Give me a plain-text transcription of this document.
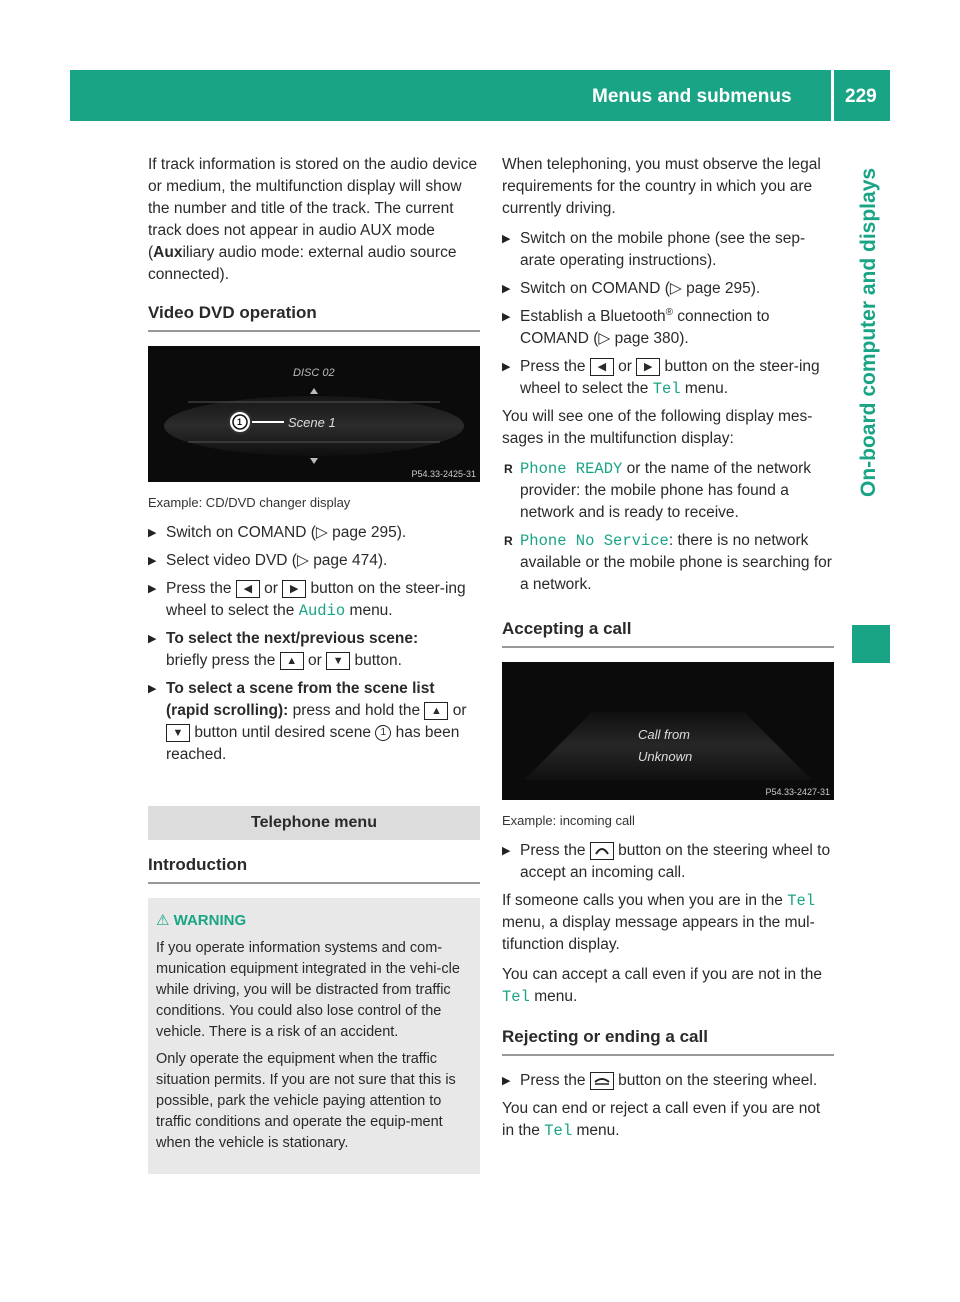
Menus and submenus	229
On-board computer and displays

If track information is stored on the audio device or medium, the multifunction display will show the number and title of the track. The current track does not appear in audio AUX mode (Auxiliary audio mode: external audio source connected).

Video DVD operation
DISC 02
Scene 1
1
P54.33-2425-31
Example: CD/DVD changer display
▶ Switch on COMAND (▷ page 295).
▶ Select video DVD (▷ page 474).
▶ Press the ◀ or ▶ button on the steer-ing wheel to select the Audio menu.
▶ To select the next/previous scene:
briefly press the ▲ or ▼ button.
▶ To select a scene from the scene list (rapid scrolling): press and hold the ▲ or ▼ button until desired scene 1 has been reached.
Telephone menu
Introduction
⚠ WARNING

If you operate information systems and com-munication equipment integrated in the vehi-cle while driving, you will be distracted from traffic conditions. You could also lose control of the vehicle. There is a risk of an accident.

Only operate the equipment when the traffic situation permits. If you are not sure that this is possible, park the vehicle paying attention to traffic conditions and operate the equip-ment when the vehicle is stationary.

When telephoning, you must observe the legal requirements for the country in which you are currently driving.

▶ Switch on the mobile phone (see the sep-arate operating instructions).
▶ Switch on COMAND (▷ page 295).
▶ Establish a Bluetooth® connection to COMAND (▷ page 380).
▶ Press the ◀ or ▶ button on the steer-ing wheel to select the Tel menu.

You will see one of the following display mes-sages in the multifunction display:

R Phone READY or the name of the network provider: the mobile phone has found a network and is ready to receive.
R Phone No Service: there is no network available or the mobile phone is searching for a network.
Accepting a call
Call from
Unknown
P54.33-2427-31
Example: incoming call
▶ Press the button on the steering wheel to accept an incoming call.

If someone calls you when you are in the Tel menu, a display message appears in the mul-tifunction display.

You can accept a call even if you are not in the Tel menu.

Rejecting or ending a call
▶ Press the button on the steering wheel.

You can end or reject a call even if you are not in the Tel menu.
